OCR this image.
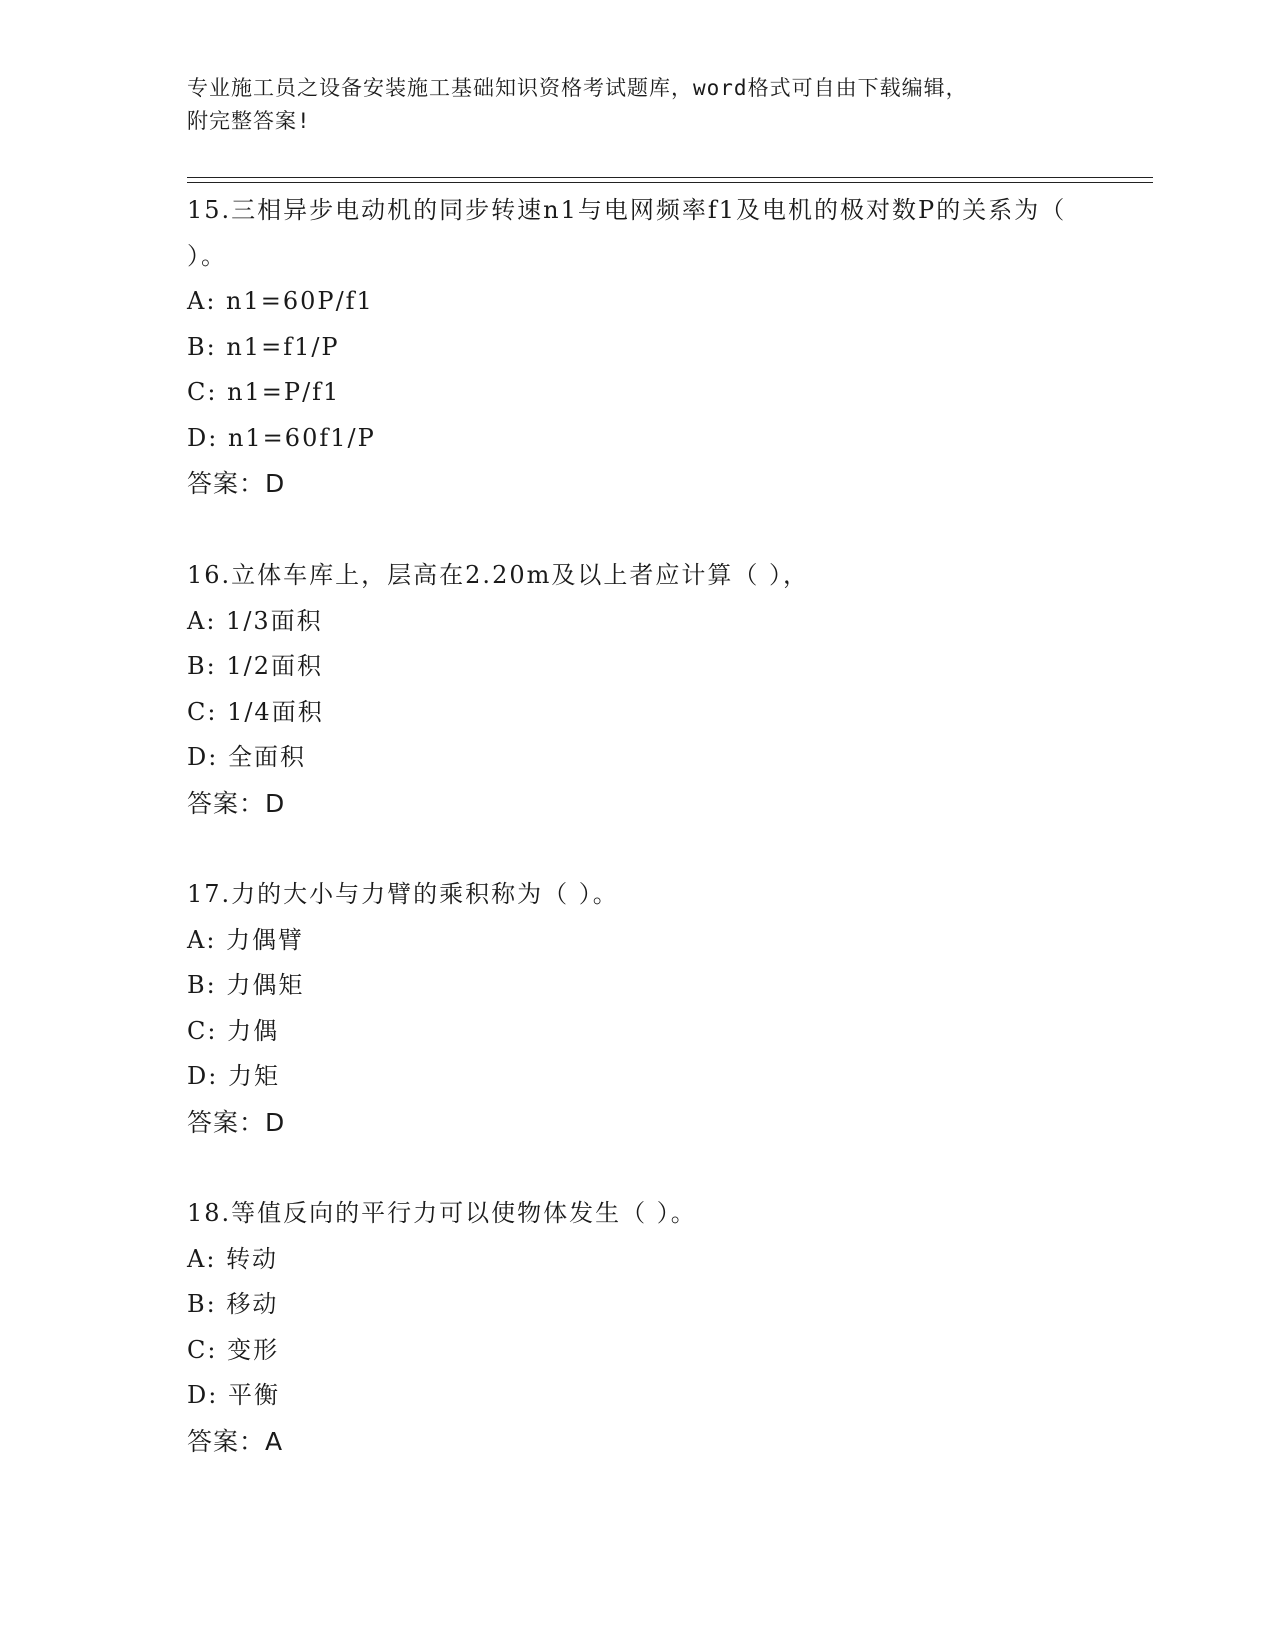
专业施工员之设备安装施工基础知识资格考试题库，word格式可自由下载编辑，
附完整答案!
15.三相异步电动机的同步转速n1与电网频率f1及电机的极对数P的关系为（ ）。
A: n1=60P/f1
B: n1=f1/P
C: n1=P/f1
D: n1=60f1/P
答案：D
16.立体车库上，层高在2.20m及以上者应计算（ ），
A: 1/3面积
B: 1/2面积
C: 1/4面积
D: 全面积
答案：D
17.力的大小与力臂的乘积称为（ ）。
A: 力偶臂
B: 力偶矩
C: 力偶
D: 力矩
答案：D
18.等值反向的平行力可以使物体发生（ ）。
A: 转动
B: 移动
C: 变形
D: 平衡
答案：A
